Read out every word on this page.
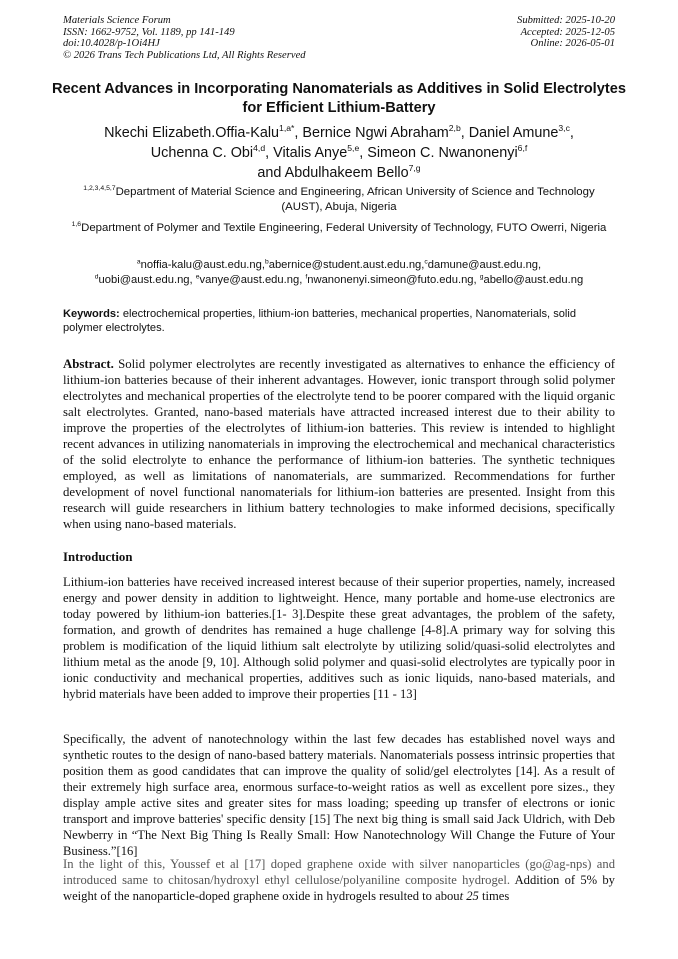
Materials Science Forum
ISSN: 1662-9752, Vol. 1189, pp 141-149
doi:10.4028/p-1Oi4HJ
© 2026 Trans Tech Publications Ltd, All Rights Reserved
Submitted: 2025-10-20
Accepted: 2025-12-05
Online: 2026-05-01
Recent Advances in Incorporating Nanomaterials as Additives in Solid Electrolytes for Efficient Lithium-Battery
Nkechi Elizabeth.Offia-Kalu$^{1,a*}$, Bernice Ngwi Abraham$^{2,b}$, Daniel Amune$^{3,c}$,
Uchenna C. Obi$^{4,d}$, Vitalis Anye$^{5,e}$, Simeon C. Nwanonenyi$^{6,f}$
and Abdulhakeem Bello$^{7,g}$
$^{1,2,3,4,5,7}$Department of Material Science and Engineering, African University of Science and Technology (AUST), Abuja, Nigeria
$^{1,6}$Department of Polymer and Textile Engineering, Federal University of Technology, FUTO Owerri, Nigeria
$^a$noffia-kalu@aust.edu.ng,$^b$abernice@student.aust.edu.ng,$^c$damune@aust.edu.ng,
$^d$uobi@aust.edu.ng, $^e$vanye@aust.edu.ng, $^f$nwanonenyi.simeon@futo.edu.ng, $^g$abello@aust.edu.ng
Keywords: electrochemical properties, lithium-ion batteries, mechanical properties, Nanomaterials, solid polymer electrolytes.
Abstract. Solid polymer electrolytes are recently investigated as alternatives to enhance the efficiency of lithium-ion batteries because of their inherent advantages. However, ionic transport through solid polymer electrolytes and mechanical properties of the electrolyte tend to be poorer compared with the liquid organic salt electrolytes. Granted, nano-based materials have attracted increased interest due to their ability to improve the properties of the electrolytes of lithium-ion batteries. This review is intended to highlight recent advances in utilizing nanomaterials in improving the electrochemical and mechanical characteristics of the solid electrolyte to enhance the performance of lithium-ion batteries. The synthetic techniques employed, as well as limitations of nanomaterials, are summarized. Recommendations for further development of novel functional nanomaterials for lithium-ion batteries are presented. Insight from this research will guide researchers in lithium battery technologies to make informed decisions, specifically when using nano-based materials.
Introduction
Lithium-ion batteries have received increased interest because of their superior properties, namely, increased energy and power density in addition to lightweight. Hence, many portable and home-use electronics are today powered by lithium-ion batteries.[1- 3].Despite these great advantages, the problem of the safety, formation, and growth of dendrites has remained a huge challenge [4-8].A primary way for solving this problem is modification of the liquid lithium salt electrolyte by utilizing solid/quasi-solid electrolytes and lithium metal as the anode [9, 10]. Although solid polymer and quasi-solid electrolytes are typically poor in ionic conductivity and mechanical properties, additives such as ionic liquids, nano-based materials, and hybrid materials have been added to improve their properties [11 - 13]
Specifically, the advent of nanotechnology within the last few decades has established novel ways and synthetic routes to the design of nano-based battery materials. Nanomaterials possess intrinsic properties that position them as good candidates that can improve the quality of solid/gel electrolytes [14]. As a result of their extremely high surface area, enormous surface-to-weight ratios as well as excellent pore sizes., they display ample active sites and greater sites for mass loading; speeding up transfer of electrons or ionic transport and improve batteries' specific density [15] The next big thing is small said Jack Uldrich, with Deb Newberry in “The Next Big Thing Is Really Small: How Nanotechnology Will Change the Future of Your Business.”[16]
In the light of this, Youssef et al [17] doped graphene oxide with silver nanoparticles (go@ag-nps) and introduced same to chitosan/hydroxyl ethyl cellulose/polyaniline composite hydrogel. Addition of 5% by weight of the nanoparticle-doped graphene oxide in hydrogels resulted to about 25 times
